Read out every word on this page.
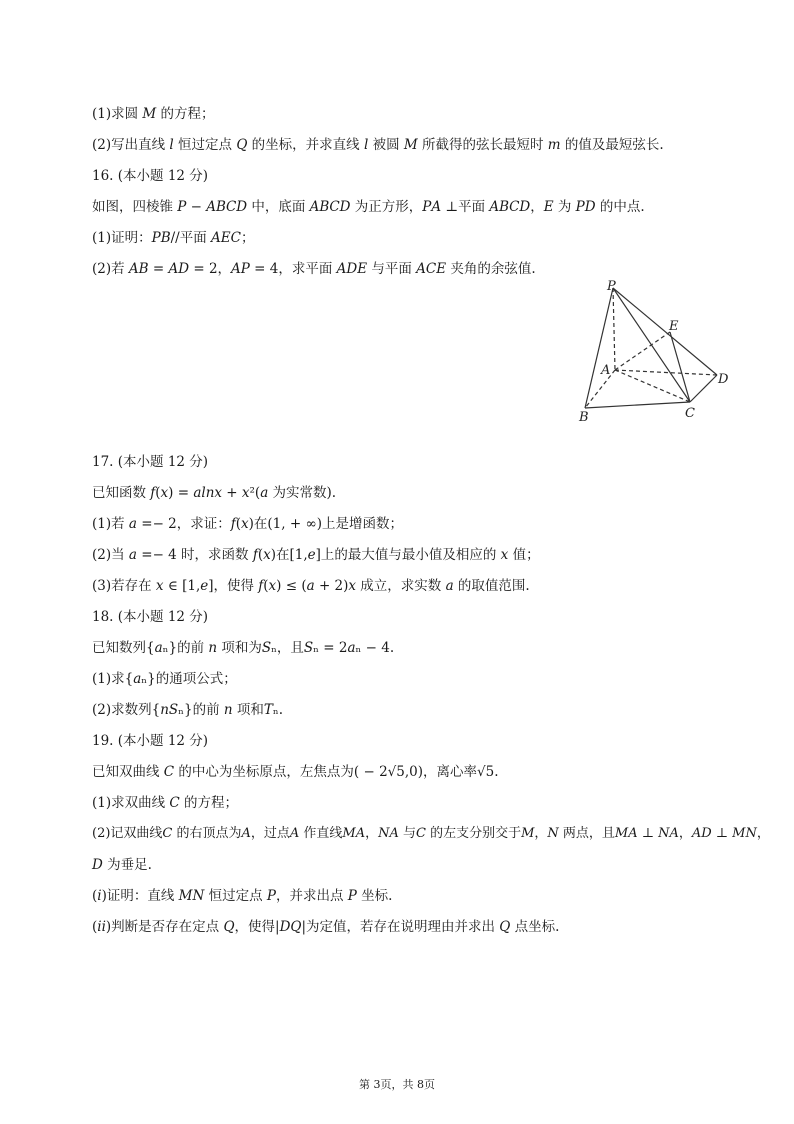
(1)求圆 𝑀 的方程；
(2)写出直线 𝑙 恒过定点 𝑄 的坐标，并求直线 𝑙 被圆 𝑀 所截得的弦长最短时 𝑚 的值及最短弦长.
16. (本小题 12 分)
如图，四棱锥 𝑃 − 𝐴𝐵𝐶𝐷 中，底面 𝐴𝐵𝐶𝐷 为正方形，𝑃𝐴 ⊥平面 𝐴𝐵𝐶𝐷，𝐸 为 𝑃𝐷 的中点.
(1)证明：𝑃𝐵//平面 𝐴𝐸𝐶；
(2)若 𝐴𝐵 = 𝐴𝐷 = 2，𝐴𝑃 = 4，求平面 𝐴𝐷𝐸 与平面 𝐴𝐶𝐸 夹角的余弦值.
P
E
A
D
B	C
17. (本小题 12 分)
已知函数 𝑓(𝑥) = 𝑎𝑙𝑛𝑥 + 𝑥²(𝑎 为实常数).
(1)若 𝑎 =− 2，求证：𝑓(𝑥)在(1, + ∞)上是增函数；
(2)当 𝑎 =− 4 时，求函数 𝑓(𝑥)在[1,𝑒]上的最大值与最小值及相应的 𝑥 值；
(3)若存在 𝑥 ∈ [1,𝑒]，使得 𝑓(𝑥) ≤ (𝑎 + 2)𝑥 成立，求实数 𝑎 的取值范围.
18. (本小题 12 分)
已知数列{𝑎ₙ}的前 𝑛 项和为𝑆ₙ，且𝑆ₙ = 2𝑎ₙ − 4.
(1)求{𝑎ₙ}的通项公式；
(2)求数列{𝑛𝑆ₙ}的前 𝑛 项和𝑇ₙ.
19. (本小题 12 分)
已知双曲线 𝐶 的中心为坐标原点，左焦点为( − 2√5,0)，离心率√5.
(1)求双曲线 𝐶 的方程；
(2)记双曲线𝐶 的右顶点为𝐴，过点𝐴 作直线𝑀𝐴，𝑁𝐴 与𝐶 的左支分别交于𝑀，𝑁 两点，且𝑀𝐴 ⊥ 𝑁𝐴，𝐴𝐷 ⊥ 𝑀𝑁，
𝐷 为垂足.
(𝑖)证明：直线 𝑀𝑁 恒过定点 𝑃，并求出点 𝑃 坐标.
(𝑖𝑖)判断是否存在定点 𝑄，使得|𝐷𝑄|为定值，若存在说明理由并求出 𝑄 点坐标.
第 3页，共 8页
